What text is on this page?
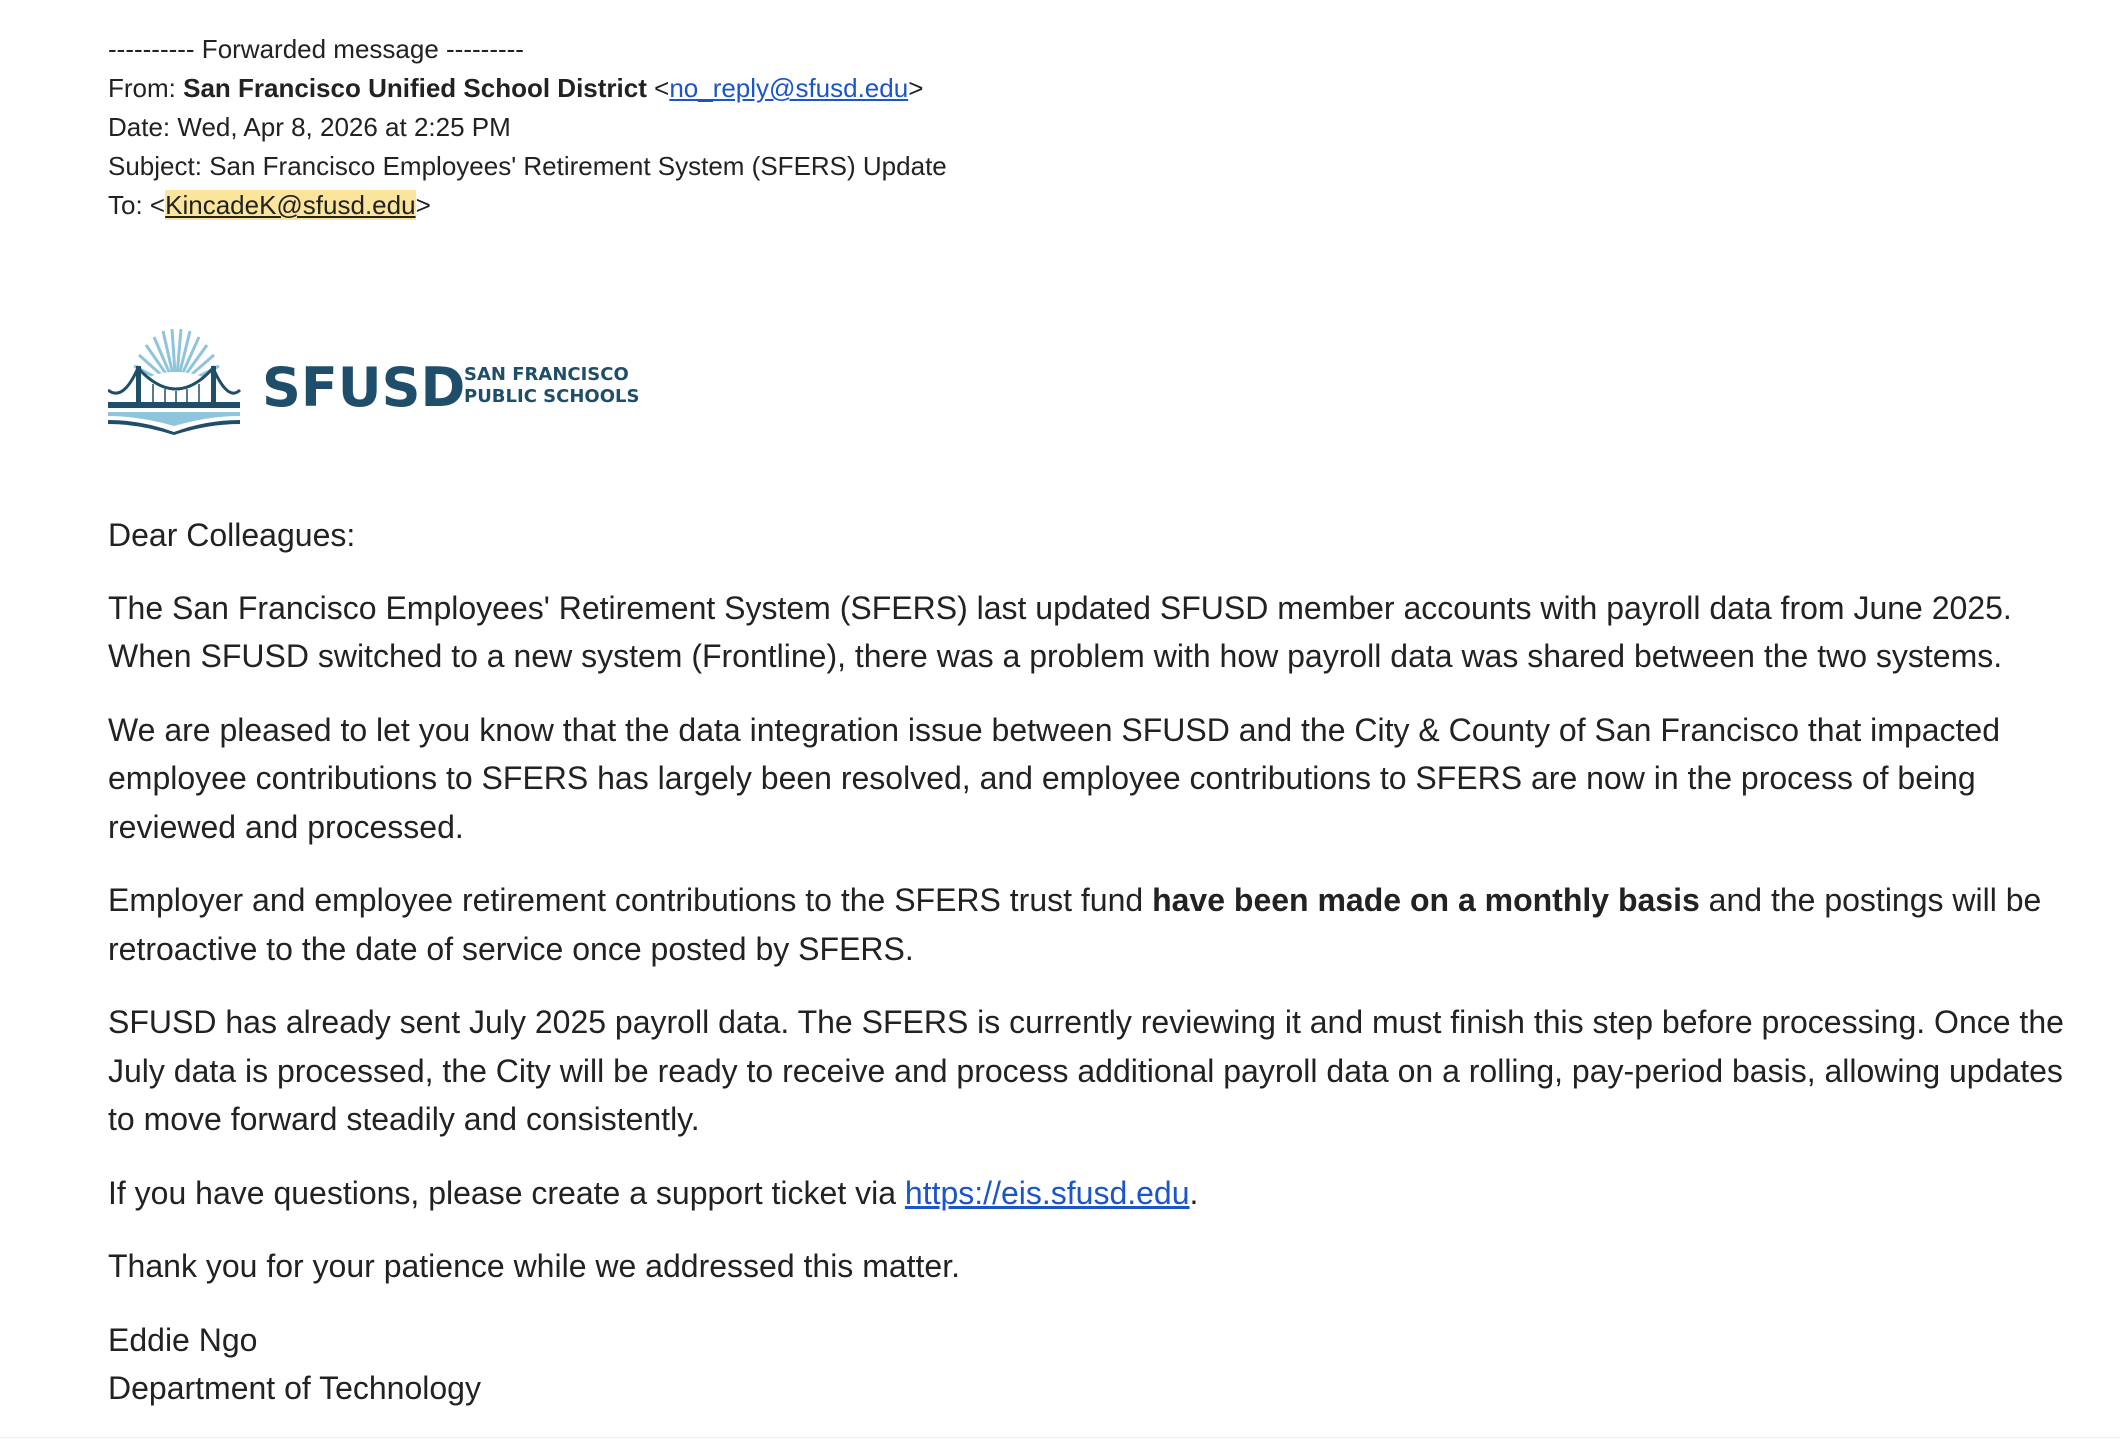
---------- Forwarded message ---------
From: San Francisco Unified School District <no_reply@sfusd.edu>
Date: Wed, Apr 8, 2026 at 2:25 PM
Subject: San Francisco Employees' Retirement System (SFERS) Update
To: <KincadeK@sfusd.edu>
SFUSD
SAN FRANCISCO
PUBLIC SCHOOLS

Dear Colleagues:

The San Francisco Employees' Retirement System (SFERS) last updated SFUSD member accounts with payroll data from June 2025. When SFUSD switched to a new system (Frontline), there was a problem with how payroll data was shared between the two systems.

We are pleased to let you know that the data integration issue between SFUSD and the City & County of San Francisco that impacted employee contributions to SFERS has largely been resolved, and employee contributions to SFERS are now in the process of being reviewed and processed.

Employer and employee retirement contributions to the SFERS trust fund have been made on a monthly basis and the postings will be retroactive to the date of service once posted by SFERS.

SFUSD has already sent July 2025 payroll data. The SFERS is currently reviewing it and must finish this step before processing. Once the July data is processed, the City will be ready to receive and process additional payroll data on a rolling, pay-period basis, allowing updates to move forward steadily and consistently.

If you have questions, please create a support ticket via https://eis.sfusd.edu.

Thank you for your patience while we addressed this matter.

Eddie Ngo
Department of Technology
